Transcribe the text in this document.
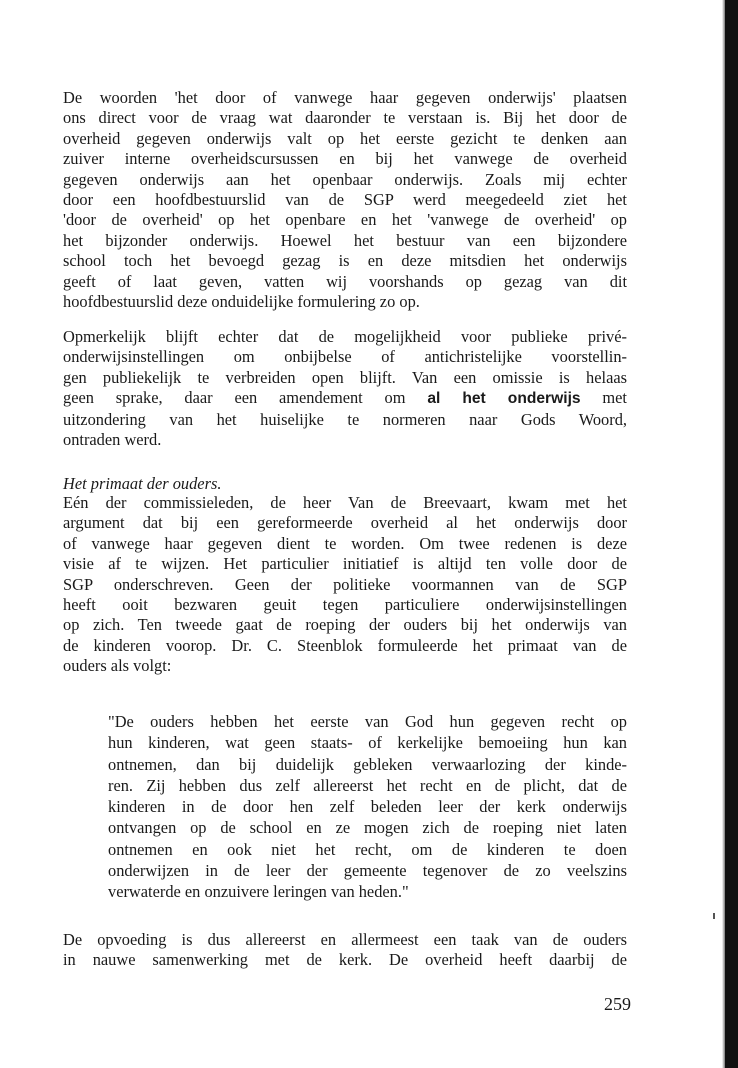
De woorden 'het door of vanwege haar gegeven onderwijs' plaatsen
ons direct voor de vraag wat daaronder te verstaan is. Bij het door de
overheid gegeven onderwijs valt op het eerste gezicht te denken aan
zuiver interne overheidscursussen en bij het vanwege de overheid
gegeven onderwijs aan het openbaar onderwijs. Zoals mij echter
door een hoofdbestuurslid van de SGP werd meegedeeld ziet het
'door de overheid' op het openbare en het 'vanwege de overheid' op
het bijzonder onderwijs. Hoewel het bestuur van een bijzondere
school toch het bevoegd gezag is en deze mitsdien het onderwijs
geeft of laat geven, vatten wij voorshands op gezag van dit
hoofdbestuurslid deze onduidelijke formulering zo op.
Opmerkelijk blijft echter dat de mogelijkheid voor publieke privé-
onderwijsinstellingen om onbijbelse of antichristelijke voorstellin-
gen publiekelijk te verbreiden open blijft. Van een omissie is helaas
geen sprake, daar een amendement om al het onderwijs met
uitzondering van het huiselijke te normeren naar Gods Woord,
ontraden werd.
Het primaat der ouders.
Eén der commissieleden, de heer Van de Breevaart, kwam met het
argument dat bij een gereformeerde overheid al het onderwijs door
of vanwege haar gegeven dient te worden. Om twee redenen is deze
visie af te wijzen. Het particulier initiatief is altijd ten volle door de
SGP onderschreven. Geen der politieke voormannen van de SGP
heeft ooit bezwaren geuit tegen particuliere onderwijsinstellingen
op zich. Ten tweede gaat de roeping der ouders bij het onderwijs van
de kinderen voorop. Dr. C. Steenblok formuleerde het primaat van de
ouders als volgt:
"De ouders hebben het eerste van God hun gegeven recht op
hun kinderen, wat geen staats- of kerkelijke bemoeiing hun kan
ontnemen, dan bij duidelijk gebleken verwaarlozing der kinde-
ren. Zij hebben dus zelf allereerst het recht en de plicht, dat de
kinderen in de door hen zelf beleden leer der kerk onderwijs
ontvangen op de school en ze mogen zich de roeping niet laten
ontnemen en ook niet het recht, om de kinderen te doen
onderwijzen in de leer der gemeente tegenover de zo veelszins
verwaterde en onzuivere leringen van heden."
De opvoeding is dus allereerst en allermeest een taak van de ouders
in nauwe samenwerking met de kerk. De overheid heeft daarbij de
259
